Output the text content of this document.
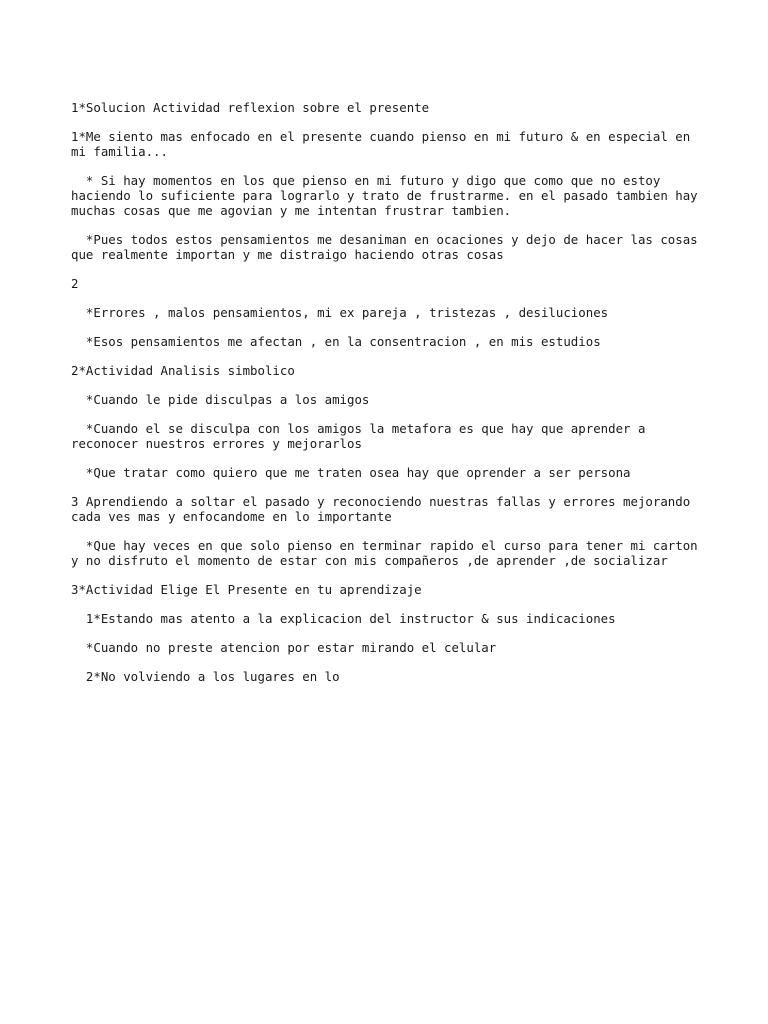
1*Solucion Actividad reflexion sobre el presente

1*Me siento mas enfocado en el presente cuando pienso en mi futuro & en especial en mi familia...

* Si hay momentos en los que pienso en mi futuro y digo que como que no estoy haciendo lo suficiente para lograrlo y trato de frustrarme. en el pasado tambien hay muchas cosas que me agovian y me intentan frustrar tambien.

*Pues todos estos pensamientos me desaniman en ocaciones y dejo de hacer las cosas que realmente importan y me distraigo haciendo otras cosas

2

*Errores , malos pensamientos, mi ex pareja , tristezas , desiluciones

*Esos pensamientos me afectan , en la consentracion , en mis estudios

2*Actividad Analisis simbolico

*Cuando le pide disculpas a los amigos

*Cuando el se disculpa con los amigos la metafora es que hay que aprender a reconocer nuestros errores y mejorarlos

*Que tratar como quiero que me traten osea hay que oprender a ser persona

3 Aprendiendo a soltar el pasado y reconociendo nuestras fallas y errores mejorando cada ves mas y enfocandome en lo importante

*Que hay veces en que solo pienso en terminar rapido el curso para tener mi carton y no disfruto el momento de estar con mis compañeros ,de aprender ,de socializar

3*Actividad Elige El Presente en tu aprendizaje

1*Estando mas atento a la explicacion del instructor & sus indicaciones

*Cuando no preste atencion por estar mirando el celular

2*No volviendo a los lugares en lo
